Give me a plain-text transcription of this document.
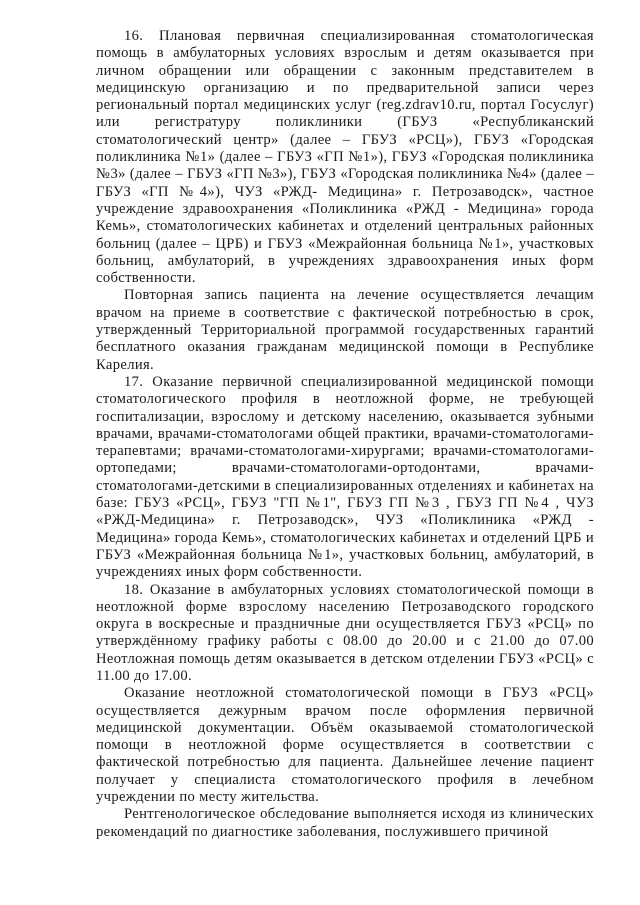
16. Плановая первичная специализированная стоматологическая помощь в амбулаторных условиях взрослым и детям оказывается при личном обращении или обращении с законным представителем в медицинскую организацию и по предварительной записи через региональный портал медицинских услуг (reg.zdrav10.ru, портал Госуслуг) или регистратуру поликлиники (ГБУЗ «Республиканский стоматологический центр» (далее – ГБУЗ «РСЦ»), ГБУЗ «Городская поликлиника №1» (далее – ГБУЗ «ГП №1»), ГБУЗ «Городская поликлиника №3» (далее – ГБУЗ «ГП №3»), ГБУЗ «Городская поликлиника №4» (далее – ГБУЗ «ГП №4»), ЧУЗ «РЖД- Медицина» г. Петрозаводск», частное учреждение здравоохранения «Поликлиника «РЖД - Медицина» города Кемь», стоматологических кабинетах и отделений центральных районных больниц (далее – ЦРБ) и ГБУЗ «Межрайонная больница №1», участковых больниц, амбулаторий, в учреждениях здравоохранения иных форм собственности.

Повторная запись пациента на лечение осуществляется лечащим врачом на приеме в соответствие с фактической потребностью в срок, утвержденный Территориальной программой государственных гарантий бесплатного оказания гражданам медицинской помощи в Республике Карелия.

17. Оказание первичной специализированной медицинской помощи стоматологического профиля в неотложной форме, не требующей госпитализации, взрослому и детскому населению, оказывается зубными врачами, врачами-стоматологами общей практики, врачами-стоматологами-терапевтами; врачами-стоматологами-хирургами; врачами-стоматологами-ортопедами; врачами-стоматологами-ортодонтами, врачами-стоматологами-детскими в специализированных отделениях и кабинетах на базе: ГБУЗ «РСЦ», ГБУЗ "ГП №1", ГБУЗ ГП №3 , ГБУЗ ГП №4 , ЧУЗ «РЖД-Медицина» г. Петрозаводск», ЧУЗ «Поликлиника «РЖД - Медицина» города Кемь», стоматологических кабинетах и отделений ЦРБ и ГБУЗ «Межрайонная больница №1», участковых больниц, амбулаторий, в учреждениях иных форм собственности.

18. Оказание в амбулаторных условиях стоматологической помощи в неотложной форме взрослому населению Петрозаводского городского округа в воскресные и праздничные дни осуществляется ГБУЗ «РСЦ» по утверждённому графику работы с 08.00 до 20.00 и с 21.00 до 07.00 Неотложная помощь детям оказывается в детском отделении ГБУЗ «РСЦ» с 11.00 до 17.00.

Оказание неотложной стоматологической помощи в ГБУЗ «РСЦ» осуществляется дежурным врачом после оформления первичной медицинской документации. Объём оказываемой стоматологической помощи в неотложной форме осуществляется в соответствии с фактической потребностью для пациента. Дальнейшее лечение пациент получает у специалиста стоматологического профиля в лечебном учреждении по месту жительства.

Рентгенологическое обследование выполняется исходя из клинических рекомендаций по диагностике заболевания, послужившего причиной
